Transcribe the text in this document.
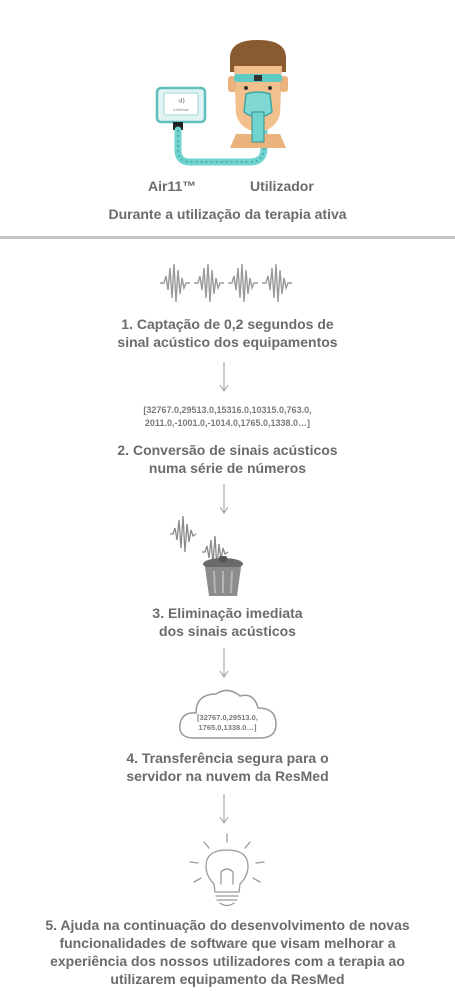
·ıl)
AirSense
Air11™	Utilizador
Durante a utilização da terapia ativa
1. Captação de 0,2 segundos de
sinal acústico dos equipamentos
[32767.0,29513.0,15316.0,10315.0,763.0,
2011.0,-1001.0,-1014.0,1765.0,1338.0…]
2. Conversão de sinais acústicos
numa série de números
3. Eliminação imediata
dos sinais acústicos
[32767.0,29513.0,
1765.0,1338.0…]
4. Transferência segura para o
servidor na nuvem da ResMed
5. Ajuda na continuação do desenvolvimento de novas
funcionalidades de software que visam melhorar a
experiência dos nossos utilizadores com a terapia ao
utilizarem equipamento da ResMed
